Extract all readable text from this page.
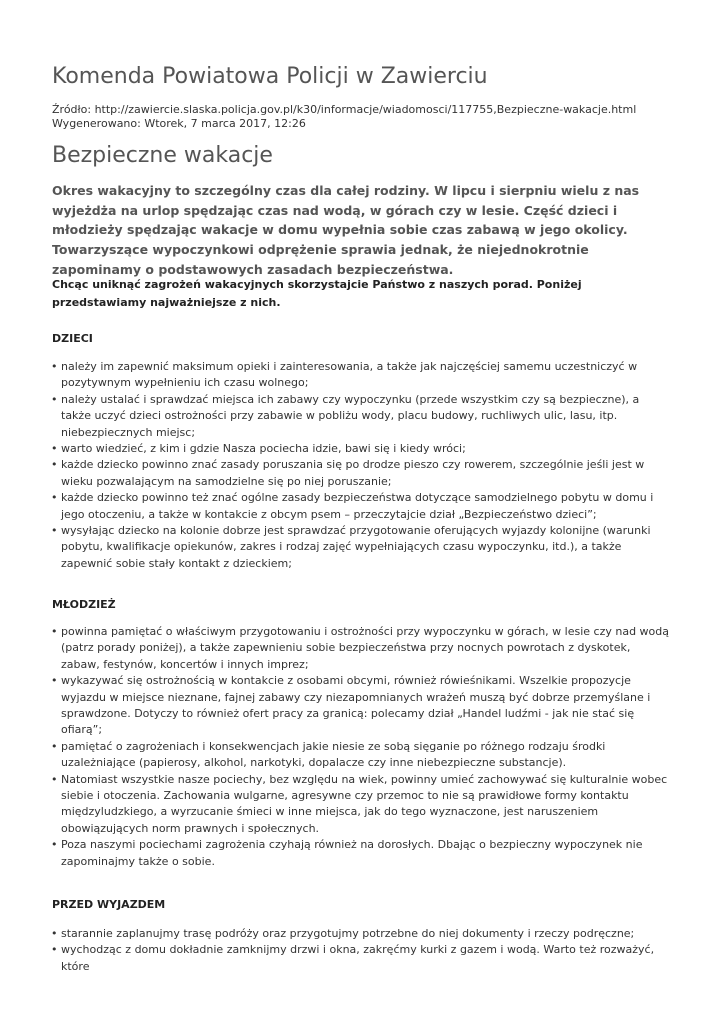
Komenda Powiatowa Policji w Zawierciu
Źródło: http://zawiercie.slaska.policja.gov.pl/k30/informacje/wiadomosci/117755,Bezpieczne-wakacje.html
Wygenerowano: Wtorek, 7 marca 2017, 12:26
Bezpieczne wakacje

Okres wakacyjny to szczególny czas dla całej rodziny. W lipcu i sierpniu wielu z nas wyjeżdża na urlop spędzając czas nad wodą, w górach czy w lesie. Część dzieci i młodzieży spędzając wakacje w domu wypełnia sobie czas zabawą w jego okolicy. Towarzyszące wypoczynkowi odprężenie sprawia jednak, że niejednokrotnie zapominamy o podstawowych zasadach bezpieczeństwa.

Chcąc uniknąć zagrożeń wakacyjnych skorzystajcie Państwo z naszych porad. Poniżej przedstawiamy najważniejsze z nich.

DZIECI
• należy im zapewnić maksimum opieki i zainteresowania, a także jak najczęściej samemu uczestniczyć w pozytywnym wypełnieniu ich czasu wolnego;
• należy ustalać i sprawdzać miejsca ich zabawy czy wypoczynku (przede wszystkim czy są bezpieczne), a także uczyć dzieci ostrożności przy zabawie w pobliżu wody, placu budowy, ruchliwych ulic, lasu, itp. niebezpiecznych miejsc;
• warto wiedzieć, z kim i gdzie Nasza pociecha idzie, bawi się i kiedy wróci;
• każde dziecko powinno znać zasady poruszania się po drodze pieszo czy rowerem, szczególnie jeśli jest w wieku pozwalającym na samodzielne się po niej poruszanie;
• każde dziecko powinno też znać ogólne zasady bezpieczeństwa dotyczące samodzielnego pobytu w domu i jego otoczeniu, a także w kontakcie z obcym psem – przeczytajcie dział „Bezpieczeństwo dzieci”;
• wysyłając dziecko na kolonie dobrze jest sprawdzać przygotowanie oferujących wyjazdy kolonijne (warunki pobytu, kwalifikacje opiekunów, zakres i rodzaj zajęć wypełniających czasu wypoczynku, itd.), a także zapewnić sobie stały kontakt z dzieckiem;
MŁODZIEŻ
• powinna pamiętać o właściwym przygotowaniu i ostrożności przy wypoczynku w górach, w lesie czy nad wodą (patrz porady poniżej), a także zapewnieniu sobie bezpieczeństwa przy nocnych powrotach z dyskotek, zabaw, festynów, koncertów i innych imprez;
• wykazywać się ostrożnością w kontakcie z osobami obcymi, również rówieśnikami. Wszelkie propozycje wyjazdu w miejsce nieznane, fajnej zabawy czy niezapomnianych wrażeń muszą być dobrze przemyślane i sprawdzone. Dotyczy to również ofert pracy za granicą: polecamy dział „Handel ludźmi - jak nie stać się ofiarą”;
• pamiętać o zagrożeniach i konsekwencjach jakie niesie ze sobą sięganie po różnego rodzaju środki uzależniające (papierosy, alkohol, narkotyki, dopalacze czy inne niebezpieczne substancje).
• Natomiast wszystkie nasze pociechy, bez względu na wiek, powinny umieć zachowywać się kulturalnie wobec siebie i otoczenia. Zachowania wulgarne, agresywne czy przemoc to nie są prawidłowe formy kontaktu międzyludzkiego, a wyrzucanie śmieci w inne miejsca, jak do tego wyznaczone, jest naruszeniem obowiązujących norm prawnych i społecznych.
• Poza naszymi pociechami zagrożenia czyhają również na dorosłych. Dbając o bezpieczny wypoczynek nie zapominajmy także o sobie.
PRZED WYJAZDEM
• starannie zaplanujmy trasę podróży oraz przygotujmy potrzebne do niej dokumenty i rzeczy podręczne;
• wychodząc z domu dokładnie zamknijmy drzwi i okna, zakręćmy kurki z gazem i wodą. Warto też rozważyć, które
